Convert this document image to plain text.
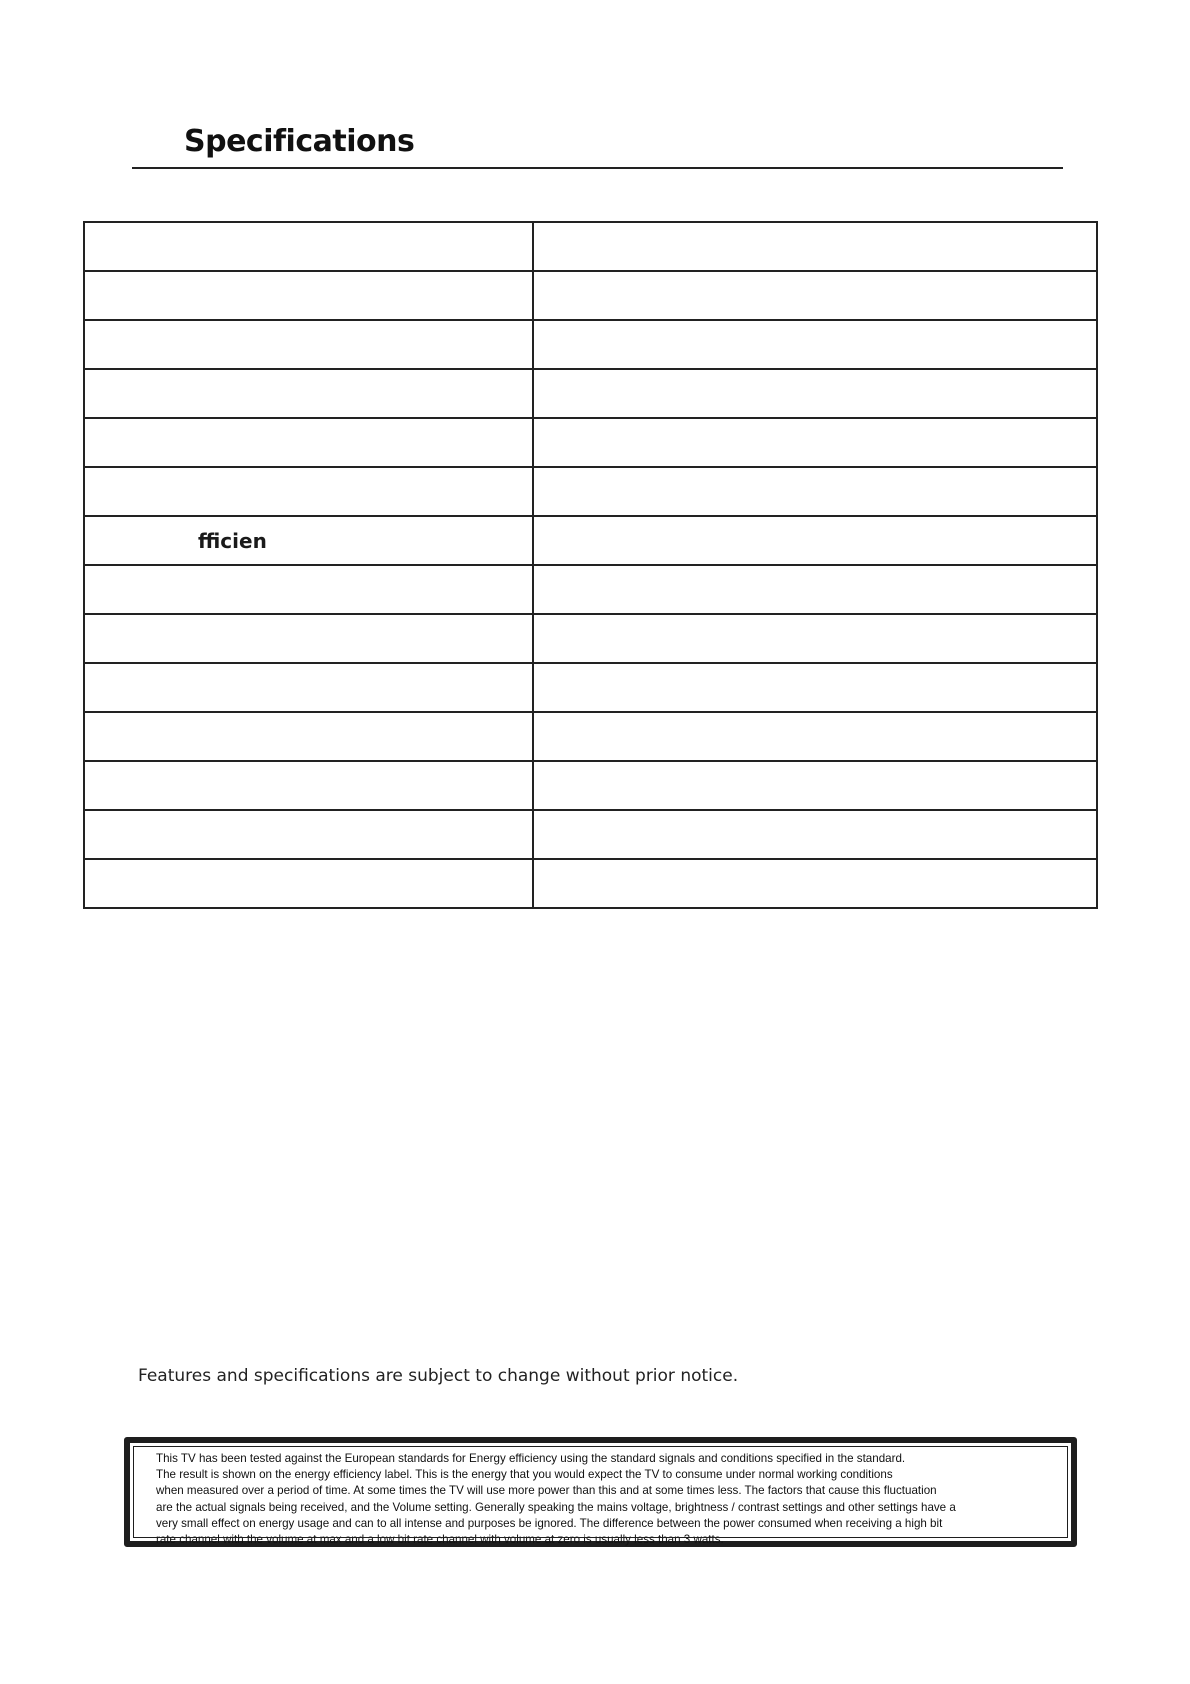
Specifications

fficien	

Features and specifications are subject to change without prior notice.
This TV has been tested against the European standards for Energy efficiency using the standard signals and conditions specified in the standard.
The result is shown on the energy efficiency label. This is the energy that you would expect the TV to consume under normal working conditions
when measured over a period of time. At some times the TV will use more power than this and at some times less. The factors that cause this fluctuation
are the actual signals being received, and the Volume setting. Generally speaking the mains voltage, brightness / contrast settings and other settings have a
very small effect on energy usage and can to all intense and purposes be ignored. The difference between the power consumed when receiving a high bit
rate channel with the volume at max and a low bit rate channel with volume at zero is usually less than 3 watts.
